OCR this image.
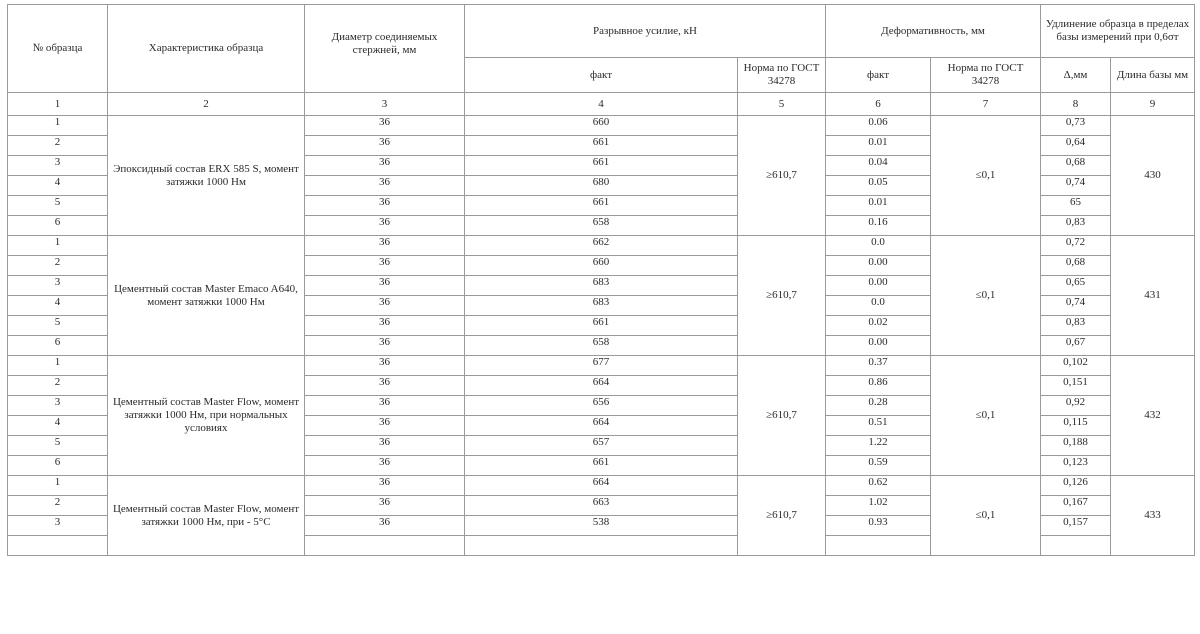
№ образца	Характеристика образца	Диаметр соединяемых стержней, мм	Разрывное усилие, кН		Деформативность, мм		Удлинение образца в пределах базы измерений при 0,6σт	
			факт	Норма по ГОСТ 34278	факт	Норма по ГОСТ 34278	Δ,мм	Длина базы мм
1	2	3	4	5	6	7	8	9
1	Эпоксидный состав ERX 585 S, момент затяжки 1000 Нм	36	660	≥610,7	0.06	≤0,1	0,73	430
2		36	661		0.01		0,64	
3		36	661		0.04		0,68	
4		36	680		0.05		0,74	
5		36	661		0.01		65	
6		36	658		0.16		0,83	
1	Цементный состав Master Emaco A640, момент затяжки 1000 Нм	36	662	≥610,7	0.0	≤0,1	0,72	431
2		36	660		0.00		0,68	
3		36	683		0.00		0,65	
4		36	683		0.0		0,74	
5		36	661		0.02		0,83	
6		36	658		0.00		0,67	
1	Цементный состав Master Flow, момент затяжки 1000 Нм, при нормальных условиях	36	677	≥610,7	0.37	≤0,1	0,102	432
2		36	664		0.86		0,151	
3		36	656		0.28		0,92	
4		36	664		0.51		0,115	
5		36	657		1.22		0,188	
6		36	661		0.59		0,123	
1	Цементный состав Master Flow, момент затяжки 1000 Нм, при - 5°С	36	664	≥610,7	0.62	≤0,1	0,126	433
2		36	663		1.02		0,167	
3		36	538		0.93		0,157	
